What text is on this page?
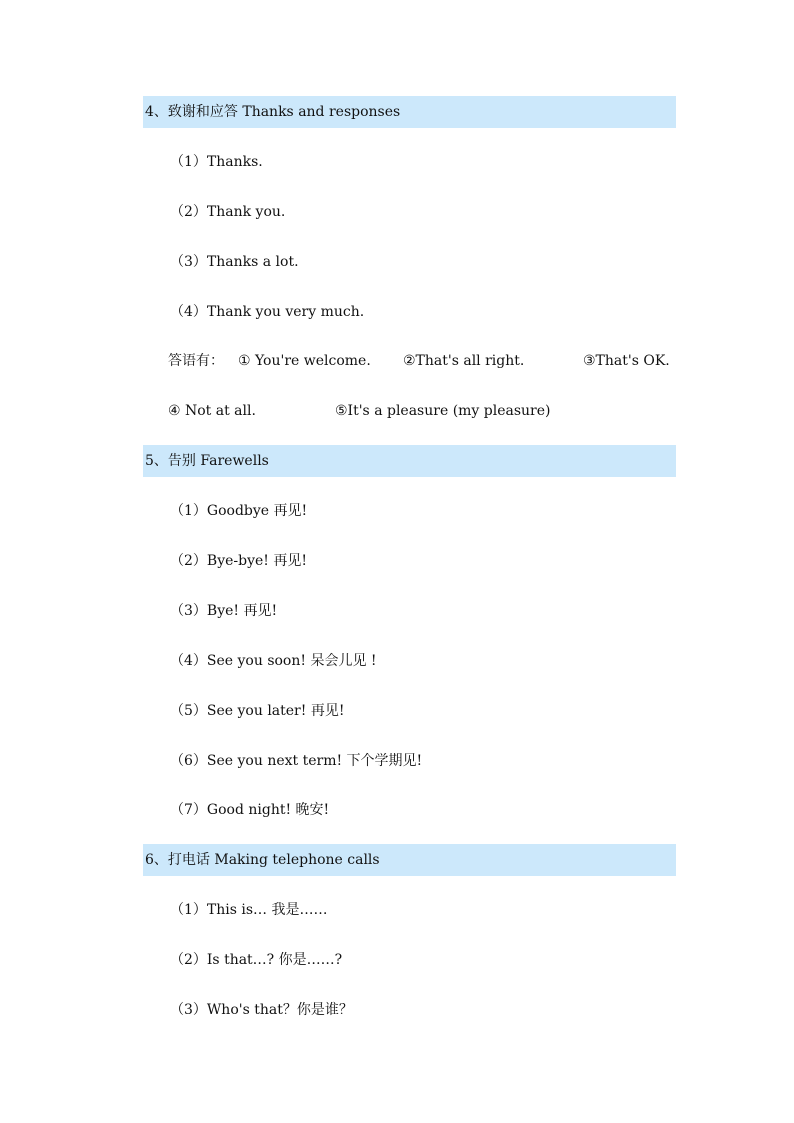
4、致谢和应答 Thanks and responses
（1）Thanks.
（2）Thank you.
（3）Thanks a lot.
（4）Thank you very much.
答语有： ① You're welcome. ②That's all right.	③That's OK.
④ Not at all.	⑤It's a pleasure (my pleasure)
5、告别 Farewells
（1）Goodbye 再见!
（2）Bye-bye! 再见!
（3）Bye! 再见!
（4）See you soon! 呆会儿见 !
（5）See you later! 再见!
（6）See you next term! 下个学期见!
（7）Good night! 晚安!
6、打电话 Making telephone calls
（1）This is… 我是……
（2）Is that…? 你是……?
（3）Who's that？你是谁？
